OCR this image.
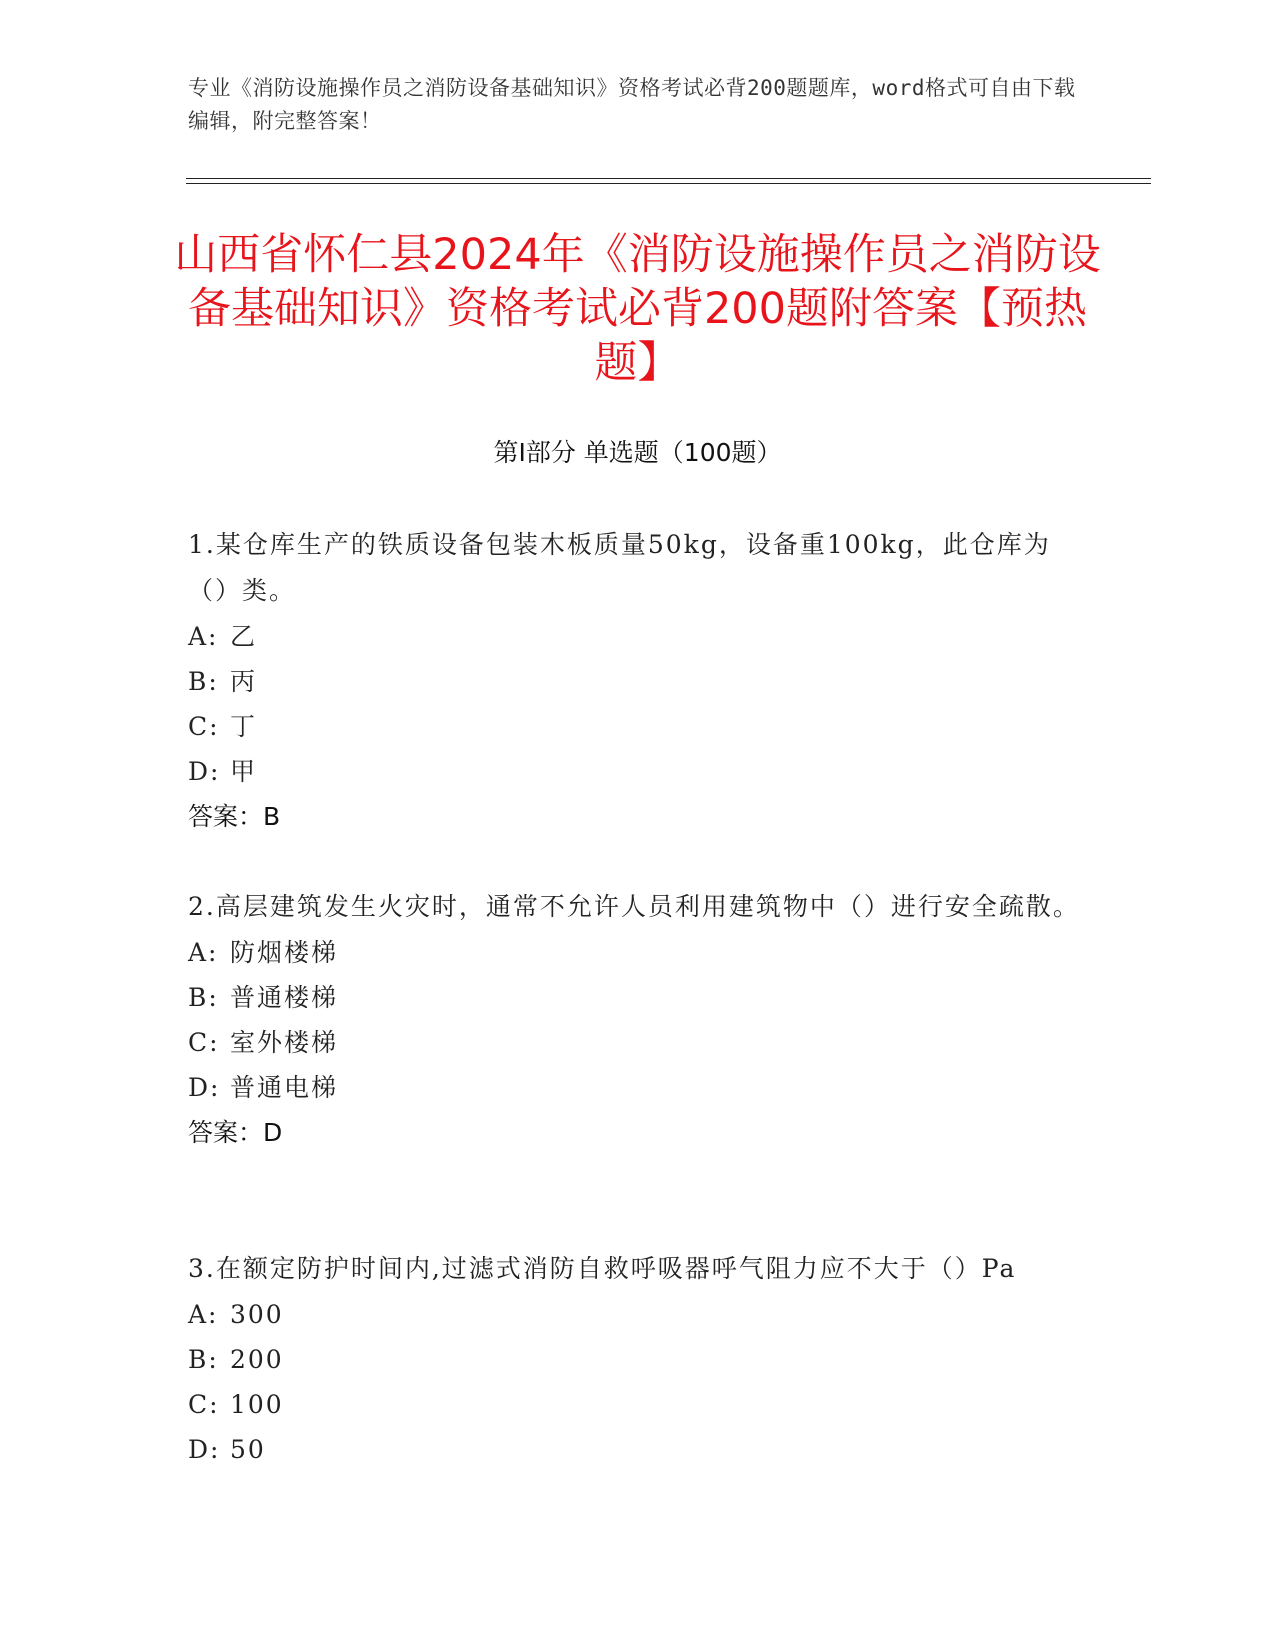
专业《消防设施操作员之消防设备基础知识》资格考试必背200题题库，word格式可自由下载编辑，附完整答案！
山西省怀仁县2024年《消防设施操作员之消防设备基础知识》资格考试必背200题附答案【预热题】
第Ⅰ部分 单选题（100题）
1.某仓库生产的铁质设备包装木板质量50kg，设备重100kg，此仓库为（）类。
A: 乙
B: 丙
C: 丁
D: 甲
答案：B
2.高层建筑发生火灾时，通常不允许人员利用建筑物中（）进行安全疏散。
A: 防烟楼梯
B: 普通楼梯
C: 室外楼梯
D: 普通电梯
答案：D
3.在额定防护时间内,过滤式消防自救呼吸器呼气阻力应不大于（）Pa
A: 300
B: 200
C: 100
D: 50
